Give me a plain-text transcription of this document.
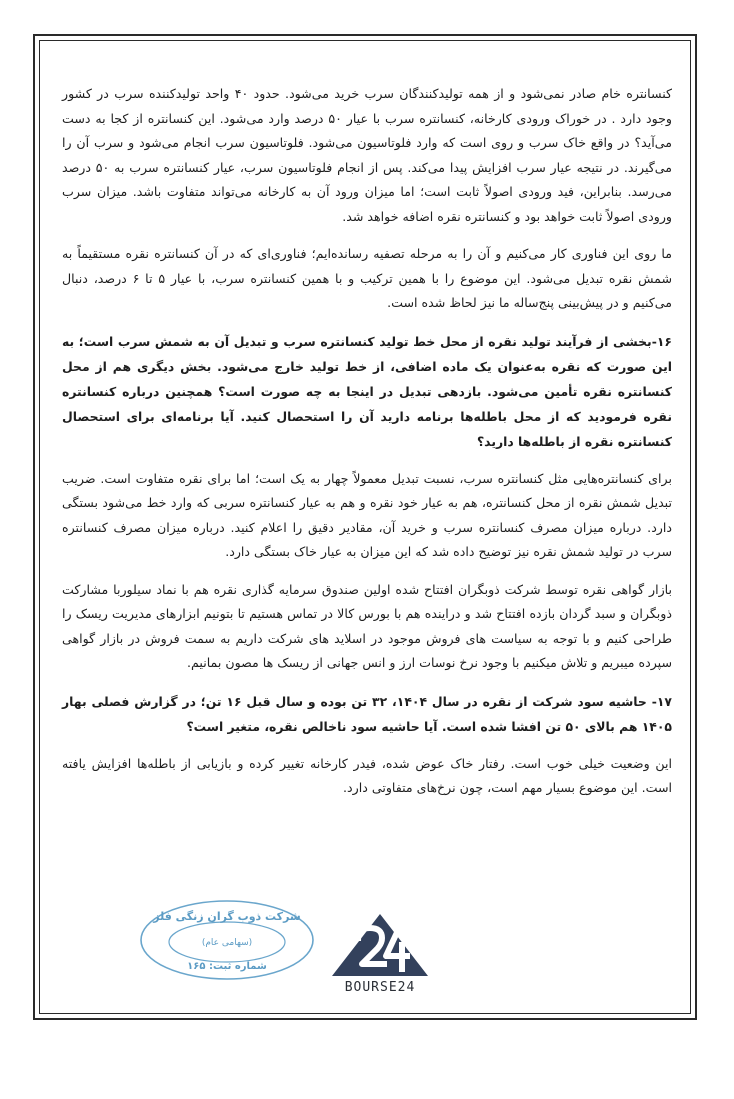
کنسانتره خام صادر نمی‌شود و از همه تولیدکنندگان سرب خرید می‌شود. حدود ۴۰ واحد تولیدکننده سرب در کشور وجود دارد . در خوراک ورودی کارخانه، کنسانتره سرب با عیار ۵۰ درصد وارد می‌شود. این کنسانتره از کجا به دست می‌آید؟ در واقع خاک سرب و روی است که وارد فلوتاسیون می‌شود. فلوتاسیون سرب انجام می‌شود و سرب آن را می‌گیرند. در نتیجه عیار سرب افزایش پیدا می‌کند. پس از انجام فلوتاسیون سرب، عیار کنسانتره سرب به ۵۰ درصد می‌رسد. بنابراین، فید ورودی اصولاً ثابت است؛ اما میزان ورود آن به کارخانه می‌تواند متفاوت باشد. میزان سرب ورودی اصولاً ثابت خواهد بود و کنسانتره نقره اضافه خواهد شد.

ما روی این فناوری کار می‌کنیم و آن را به مرحله تصفیه رسانده‌ایم؛ فناوری‌ای که در آن کنسانتره نقره مستقیماً به شمش نقره تبدیل می‌شود. این موضوع را با همین ترکیب و با همین کنسانتره سرب، با عیار ۵ تا ۶ درصد، دنبال می‌کنیم و در پیش‌بینی پنج‌ساله ما نیز لحاظ شده است.

۱۶-بخشی از فرآیند تولید نقره از محل خط تولید کنسانتره سرب و تبدیل آن به شمش سرب است؛ به این صورت که نقره به‌عنوان یک ماده اضافی، از خط تولید خارج می‌شود. بخش دیگری هم از محل کنسانتره نقره تأمین می‌شود. بازدهی تبدیل در اینجا به چه صورت است؟ همچنین درباره کنسانتره نقره فرمودید که از محل باطله‌ها برنامه دارید آن را استحصال کنید. آیا برنامه‌ای برای استحصال کنسانتره نقره از باطله‌ها دارید؟

برای کنسانتره‌هایی مثل کنسانتره سرب، نسبت تبدیل معمولاً چهار به یک است؛ اما برای نقره متفاوت است. ضریب تبدیل شمش نقره از محل کنسانتره، هم به عیار خود نقره و هم به عیار کنسانتره سربی که وارد خط می‌شود بستگی دارد. درباره میزان مصرف کنسانتره سرب و خرید آن، مقادیر دقیق را اعلام کنید. درباره میزان مصرف کنسانتره سرب در تولید شمش نقره نیز توضیح داده شد که این میزان به عیار خاک بستگی دارد.

بازار گواهی نقره توسط شرکت ذوبگران افتتاح شده اولین صندوق سرمایه گذاری نقره هم با نماد سیلوربا مشارکت ذوبگران و سبد گردان بازده افتتاح شد و دراینده هم با بورس کالا در تماس هستیم تا بتونیم ابزارهای مدیریت ریسک را طراحی کنیم و با توجه به سیاست های فروش موجود در اسلاید های شرکت داریم به سمت فروش در بازار گواهی سپرده میبریم و تلاش میکنیم با وجود نرخ نوسات ارز و انس جهانی از ریسک ها مصون بمانیم.

۱۷- حاشیه سود شرکت از نقره در سال ۱۴۰۴، ۳۲ تن بوده و سال قبل ۱۶ تن؛ در گزارش فصلی بهار ۱۴۰۵ هم بالای ۵۰ تن افشا شده است. آیا حاشیه سود ناخالص نقره، متغیر است؟

این وضعیت خیلی خوب است. رفتار خاک عوض شده، فیدر کارخانه تغییر کرده و بازیابی از باطله‌ها افزایش یافته است. این موضوع بسیار مهم است، چون نرخ‌های متفاوتی دارد.

شرکت ذوب گران زنگی فلز
(سهامی عام)
شماره ثبت: ۱۶۵
BOURSE24
